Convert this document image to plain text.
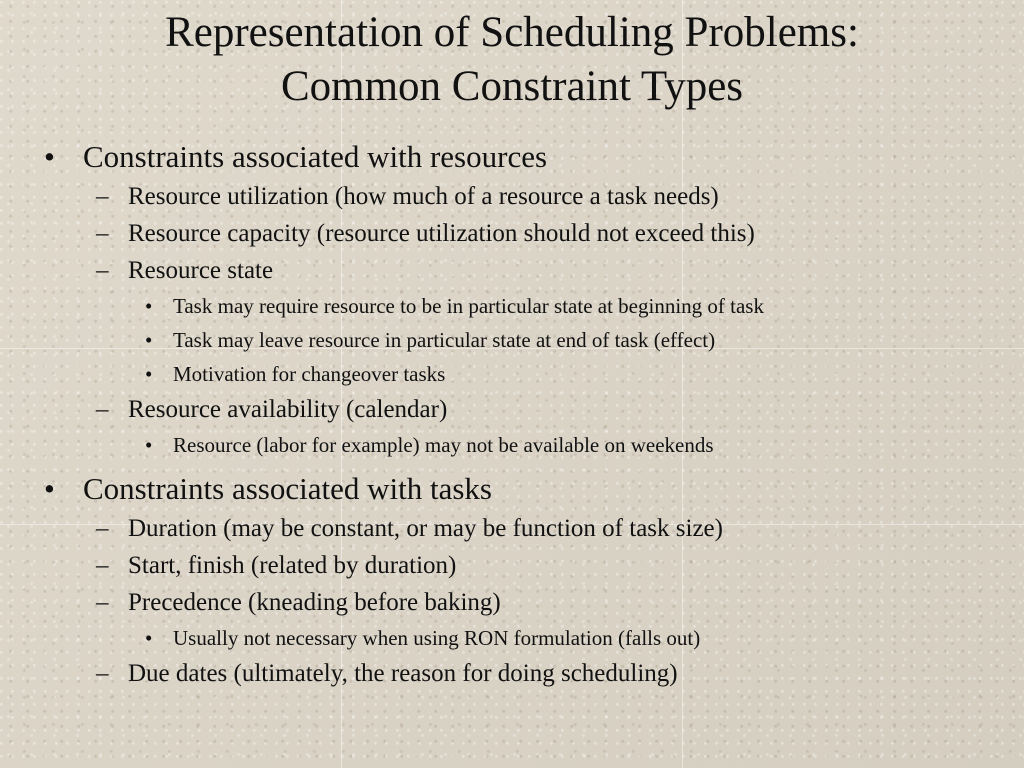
Representation of Scheduling Problems:
Common Constraint Types
• Constraints associated with resources
– Resource utilization (how much of a resource a task needs)
– Resource capacity (resource utilization should not exceed this)
– Resource state
• Task may require resource to be in particular state at beginning of task
• Task may leave resource in particular state at end of task (effect)
• Motivation for changeover tasks
– Resource availability (calendar)
• Resource (labor for example) may not be available on weekends
• Constraints associated with tasks
– Duration (may be constant, or may be function of task size)
– Start, finish (related by duration)
– Precedence (kneading before baking)
• Usually not necessary when using RON formulation (falls out)
– Due dates (ultimately, the reason for doing scheduling)
